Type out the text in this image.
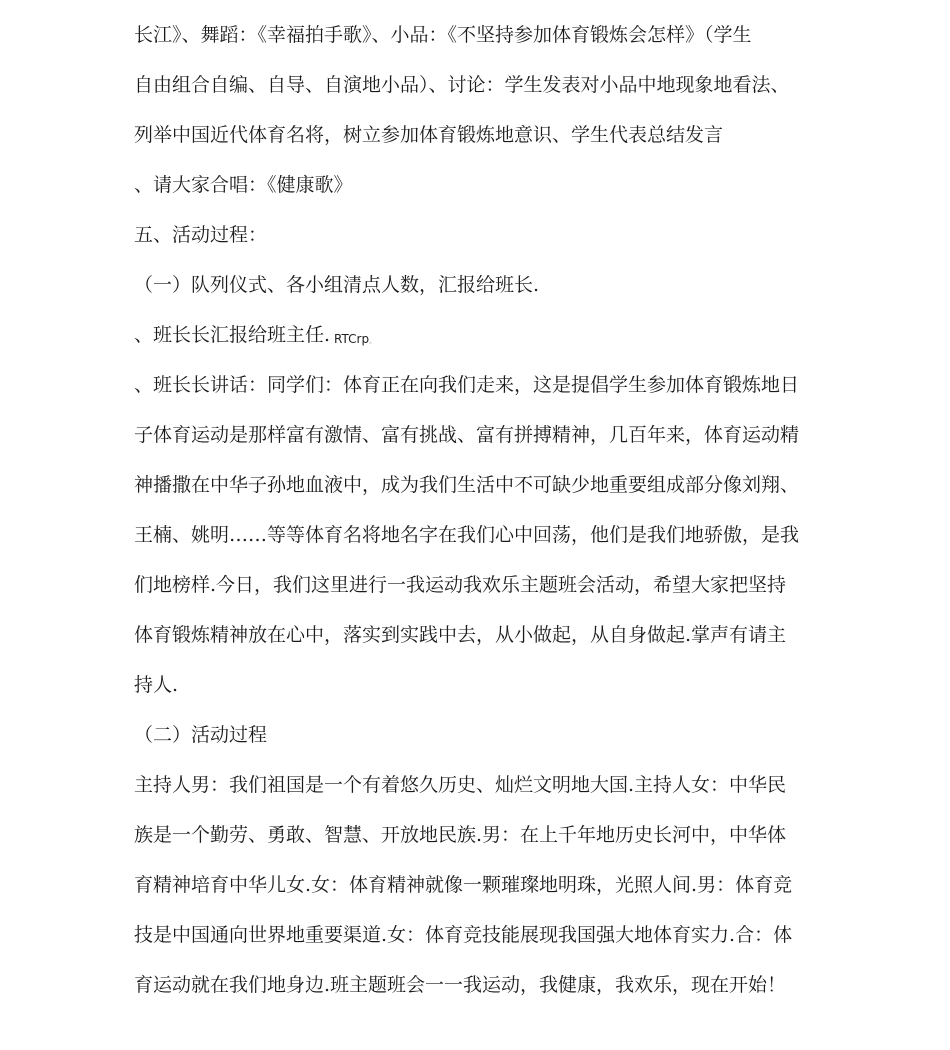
长江》、舞蹈：《幸福拍手歌》、小品：《不坚持参加体育锻炼会怎样》（学生
自由组合自编、自导、自演地小品）、讨论：学生发表对小品中地现象地看法、
列举中国近代体育名将，树立参加体育锻炼地意识、学生代表总结发言
、请大家合唱：《健康歌》
五、活动过程：
（一）队列仪式、各小组清点人数，汇报给班长.
、班长长汇报给班主任. RTCrp。
、班长长讲话：同学们：体育正在向我们走来，这是提倡学生参加体育锻炼地日
子体育运动是那样富有激情、富有挑战、富有拼搏精神，几百年来，体育运动精
神播撒在中华子孙地血液中，成为我们生活中不可缺少地重要组成部分像刘翔、
王楠、姚明……等等体育名将地名字在我们心中回荡，他们是我们地骄傲，是我
们地榜样.今日，我们这里进行一我运动我欢乐主题班会活动，希望大家把坚持
体育锻炼精神放在心中，落实到实践中去，从小做起，从自身做起.掌声有请主
持人.
（二）活动过程
主持人男：我们祖国是一个有着悠久历史、灿烂文明地大国.主持人女：中华民
族是一个勤劳、勇敢、智慧、开放地民族.男：在上千年地历史长河中，中华体
育精神培育中华儿女.女：体育精神就像一颗璀璨地明珠，光照人间.男：体育竞
技是中国通向世界地重要渠道.女：体育竞技能展现我国强大地体育实力.合：体
育运动就在我们地身边.班主题班会一一我运动，我健康，我欢乐，现在开始！
